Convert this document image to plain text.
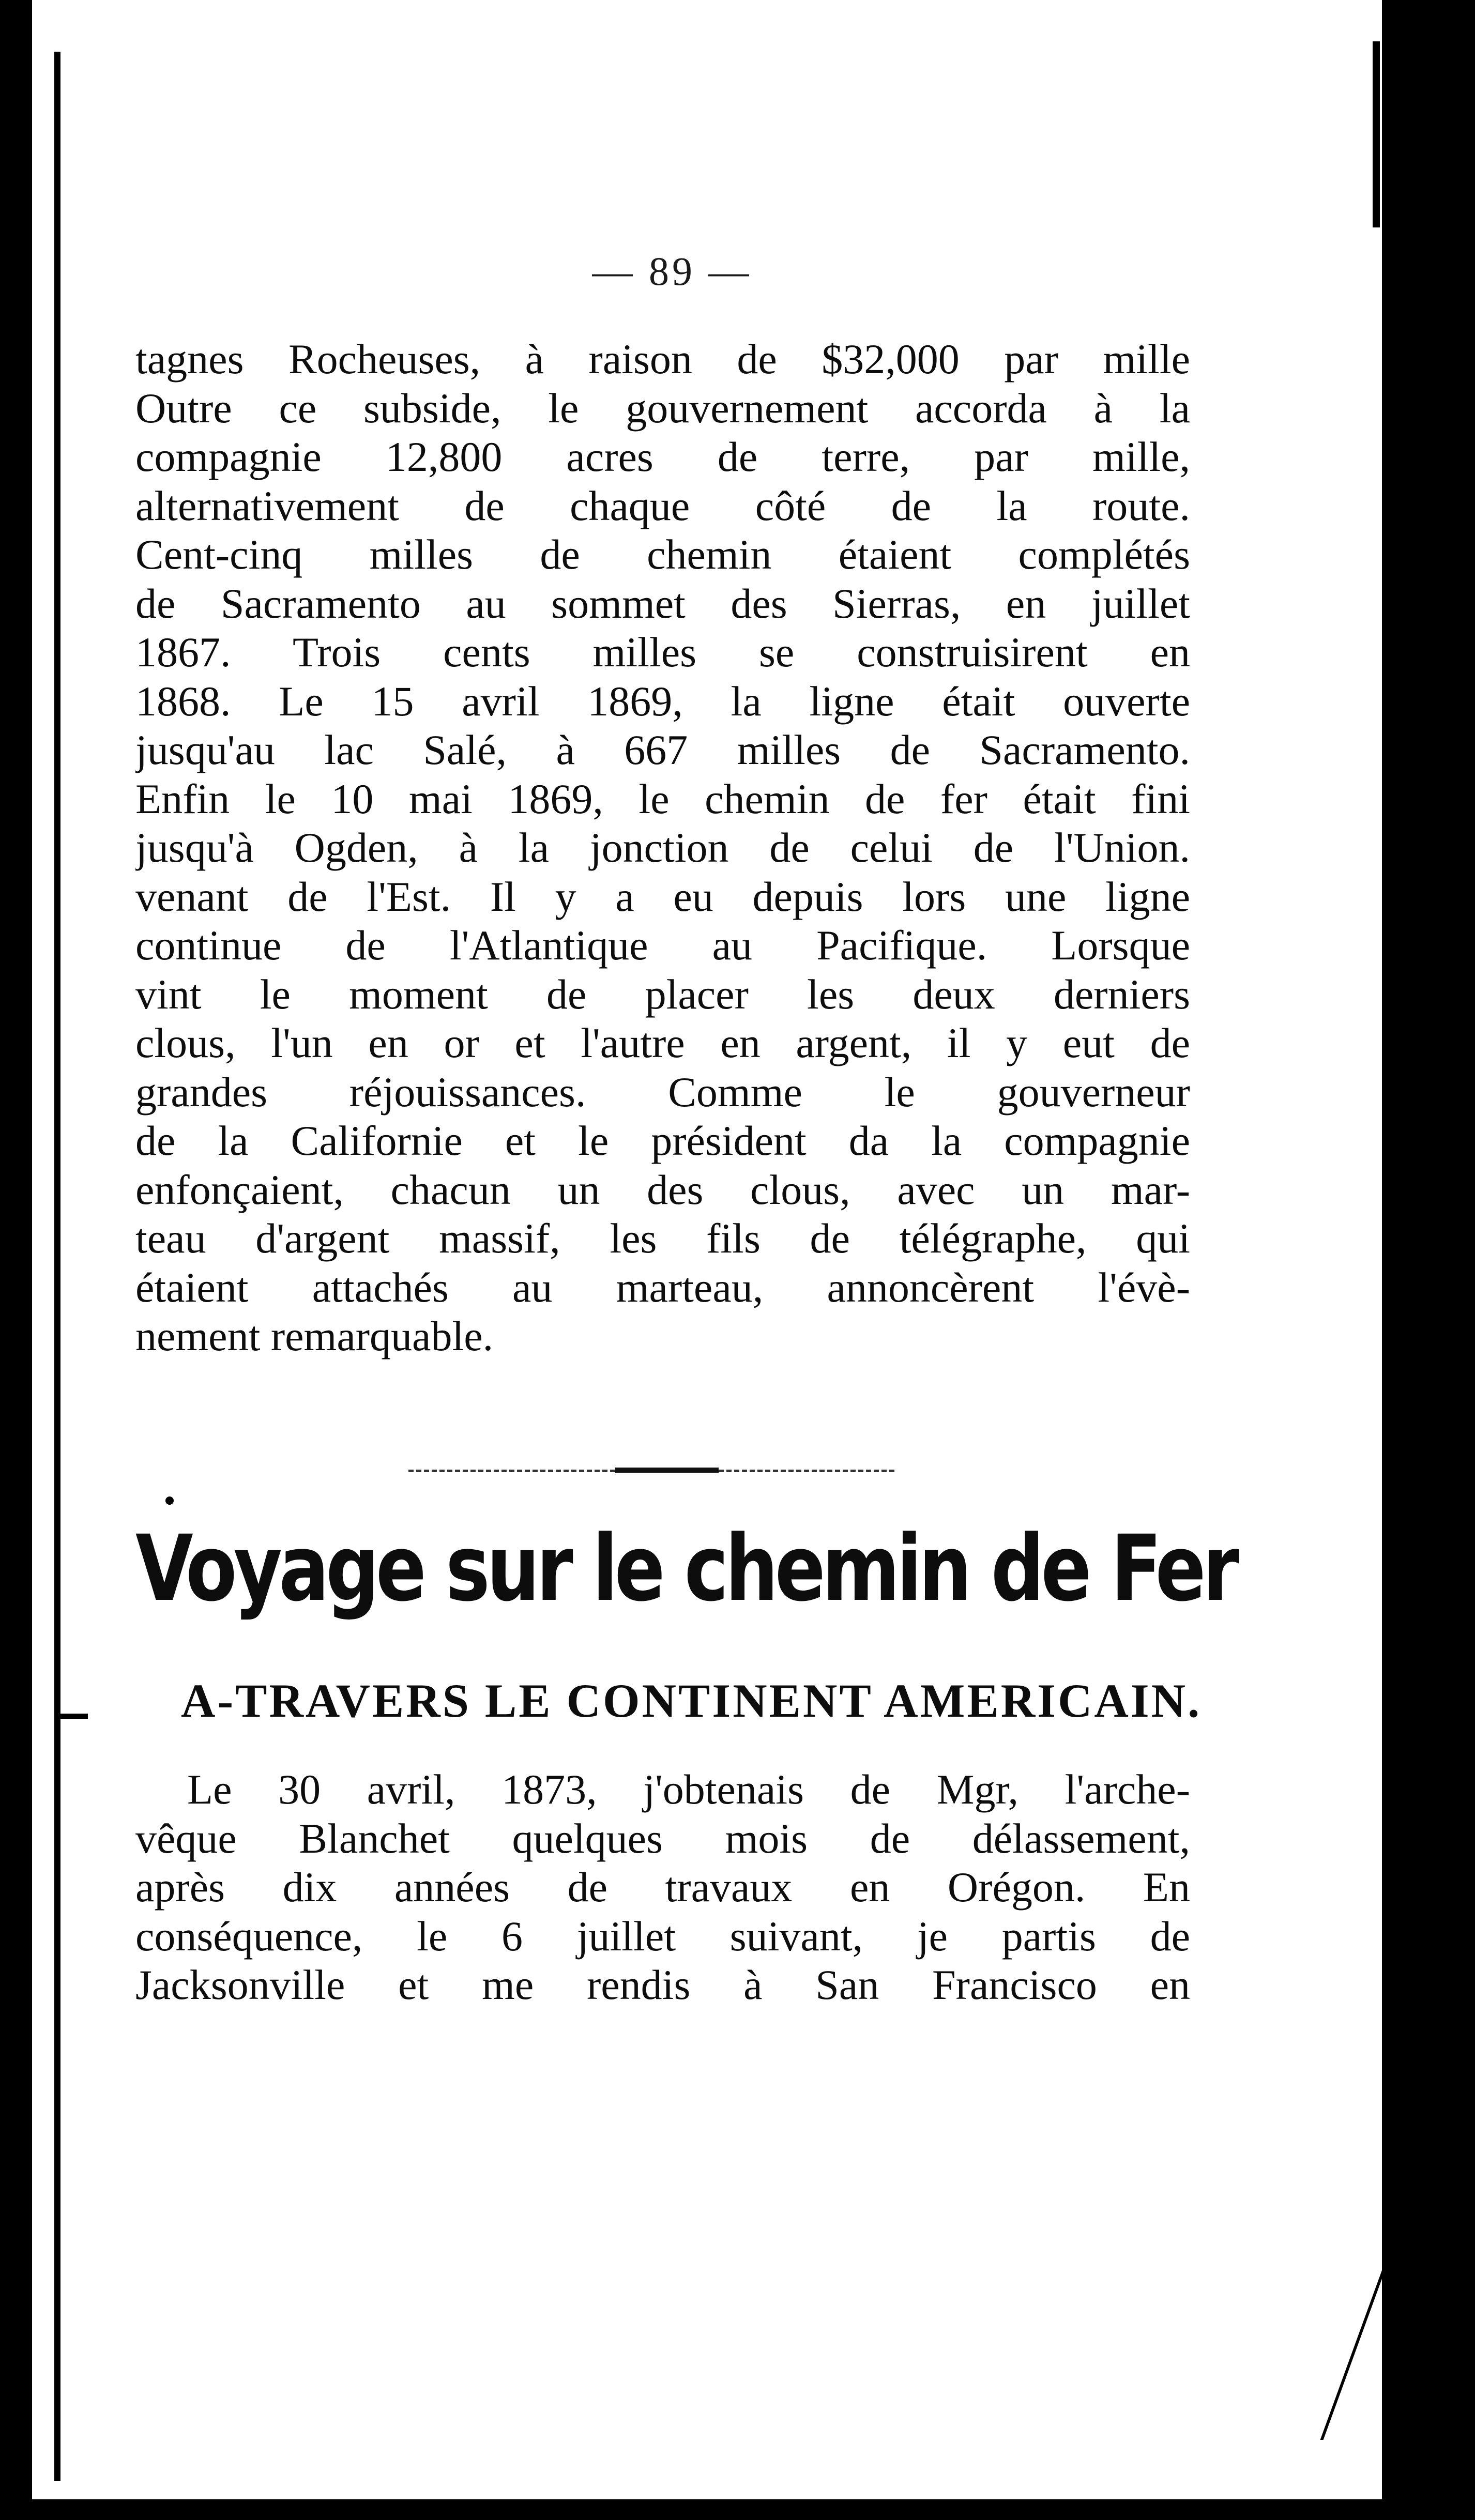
— 89 —
tagnes Rocheuses, à raison de $32,000 par mille
Outre ce subside, le gouvernement accorda à la
compagnie 12,800 acres de terre, par mille,
alternativement de chaque côté de la route.
Cent-cinq milles de chemin étaient complétés
de Sacramento au sommet des Sierras, en juillet
1867. Trois cents milles se construisirent en
1868. Le 15 avril 1869, la ligne était ouverte
jusqu'au lac Salé, à 667 milles de Sacramento.
Enfin le 10 mai 1869, le chemin de fer était fini
jusqu'à Ogden, à la jonction de celui de l'Union.
venant de l'Est. Il y a eu depuis lors une ligne
continue de l'Atlantique au Pacifique. Lorsque
vint le moment de placer les deux derniers
clous, l'un en or et l'autre en argent, il y eut de
grandes réjouissances. Comme le gouverneur
de la Californie et le président da la compagnie
enfonçaient, chacun un des clous, avec un mar-
teau d'argent massif, les fils de télégraphe, qui
étaient attachés au marteau, annoncèrent l'évè-
nement remarquable.
Voyage sur le chemin de Fer
A-TRAVERS LE CONTINENT AMERICAIN.
Le 30 avril, 1873, j'obtenais de Mgr, l'arche-
vêque Blanchet quelques mois de délassement,
après dix années de travaux en Orégon. En
conséquence, le 6 juillet suivant, je partis de
Jacksonville et me rendis à San Francisco en
